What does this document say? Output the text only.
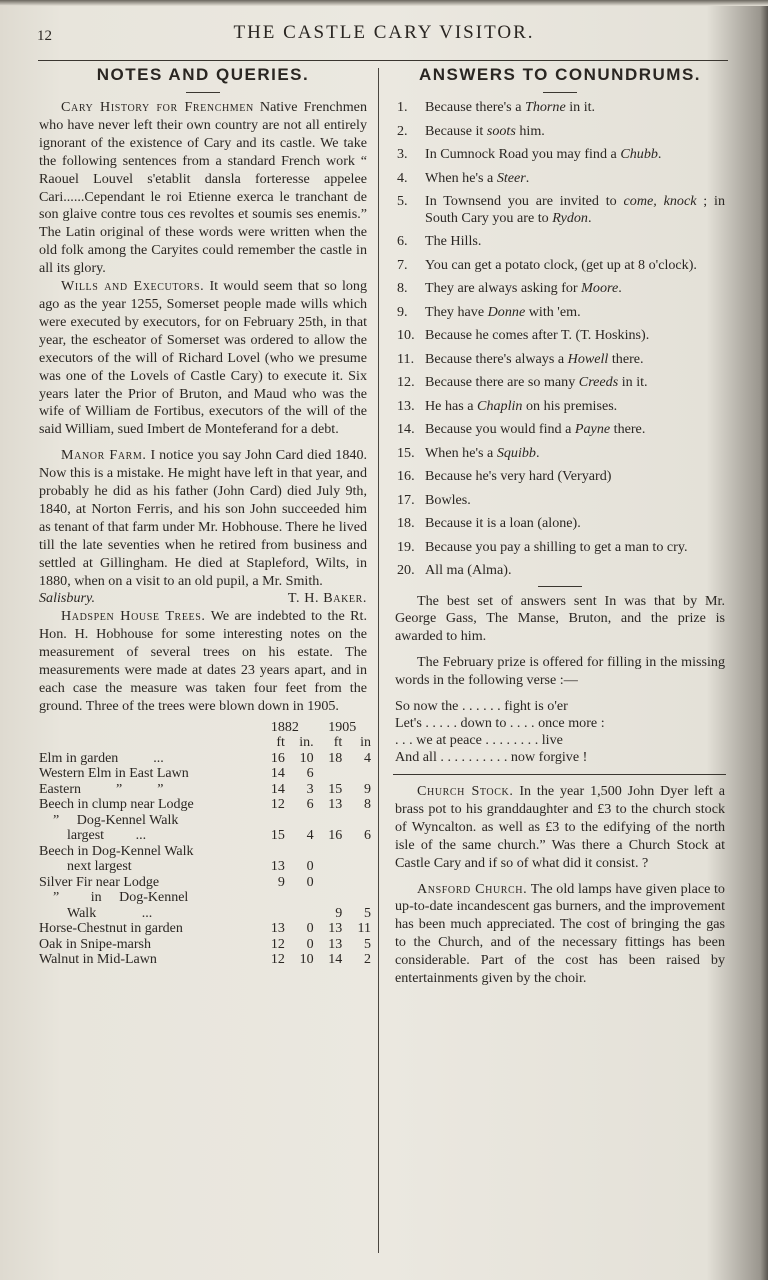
12	THE CASTLE CARY VISITOR.
NOTES AND QUERIES.

Cary History for Frenchmen Native Frenchmen who have never left their own country are not all entirely ignorant of the existence of Cary and its castle. We take the following sentences from a standard French work “ Raouel Louvel s'etablit dansla forteresse appelee Cari......Cependant le roi Etienne exerca le tranchant de son glaive contre tous ces revoltes et soumis ses enemis.” The Latin original of these words were written when the old folk among the Caryites could remember the castle in all its glory.

Wills and Executors. It would seem that so long ago as the year 1255, Somerset people made wills which were executed by executors, for on February 25th, in that year, the escheator of Somerset was ordered to allow the executors of the will of Richard Lovel (who we presume was one of the Lovels of Castle Cary) to execute it. Six years later the Prior of Bruton, and Maud who was the wife of William de Fortibus, executors of the will of the said William, sued Imbert de Monteferand for a debt.

Manor Farm. I notice you say John Card died 1840. Now this is a mistake. He might have left in that year, and probably he did as his father (John Card) died July 9th, 1840, at Norton Ferris, and his son John succeeded him as tenant of that farm under Mr. Hobhouse. There he lived till the late seventies when he retired from business and settled at Gillingham. He died at Stapleford, Wilts, in 1880, when on a visit to an old pupil, a Mr. Smith.

Salisbury.	T. H. Baker.

Hadspen House Trees. We are indebted to the Rt. Hon. H. Hobhouse for some interesting notes on the measurement of several trees on his estate. The measurements were made at dates 23 years apart, and in each case the measure was taken four feet from the ground. Three of the trees were blown down in 1905.

	1882		1905	
	ft	in.	ft	in
Elm in garden    ...	16	10	18	4
Western Elm in East Lawn	14	6		
Eastern    ”    ”	14	3	15	9
Beech in clump near Lodge	12	6	13	8
 ”  Dog-Kennel Walk				
  largest   ...	15	4	16	6
Beech in Dog-Kennel Walk				
  next largest	13	0		
Silver Fir near Lodge	9	0		
 ”   in  Dog-Kennel				
  Walk    ...			9	5
Horse-Chestnut in garden	13	0	13	11
Oak in Snipe-marsh	12	0	13	5
Walnut in Mid-Lawn	12	10	14	2
ANSWERS TO CONUNDRUMS.
1.	Because there's a Thorne in it.
2.	Because it soots him.
3.	In Cumnock Road you may find a Chubb.
4.	When he's a Steer.
5.	In Townsend you are invited to come, knock ; in South Cary you are to Rydon.
6.	The Hills.
7.	You can get a potato clock, (get up at 8 o'clock).
8.	They are always asking for Moore.
9.	They have Donne with 'em.
10. Because he comes after T. (T. Hoskins).
11. Because there's always a Howell there.
12. Because there are so many Creeds in it.
13. He has a Chaplin on his premises.
14. Because you would find a Payne there.
15. When he's a Squibb.
16. Because he's very hard (Veryard)
17. Bowles.
18. Because it is a loan (alone).
19. Because you pay a shilling to get a man to cry.
20. All ma (Alma).

The best set of answers sent In was that by Mr. George Gass, The Manse, Bruton, and the prize is awarded to him.

The February prize is offered for filling in the missing words in the following verse :—

So now the . . . . . . fight is o'er
Let's . . . . . down to . . . . once more :
. . . we at peace . . . . . . . . live
And all . . . . . . . . . . now forgive !

Church Stock. In the year 1,500 John Dyer left a brass pot to his granddaughter and £3 to the church stock of Wyncalton. as well as £3 to the edifying of the north isle of the same church.” Was there a Church Stock at Castle Cary and if so of what did it consist. ?

Ansford Church. The old lamps have given place to up-to-date incandescent gas burners, and the improvement has been much appreciated. The cost of bringing the gas to the Church, and of the necessary fittings has been considerable. Part of the cost has been raised by entertainments given by the choir.
